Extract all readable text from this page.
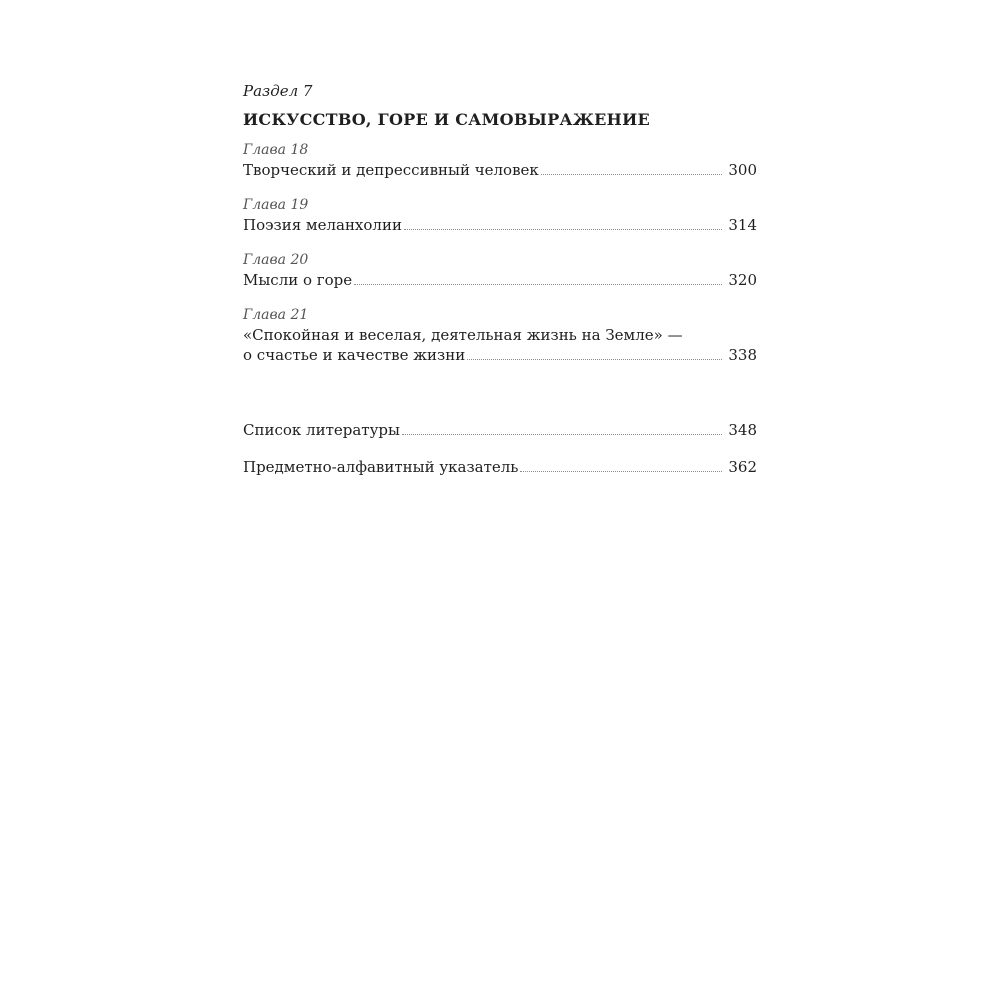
Раздел 7

ИСКУССТВО, ГОРЕ И САМОВЫРАЖЕНИЕ

Глава 18

Творческий и депрессивный человек	300

Глава 19

Поэзия меланхолии	314

Глава 20

Мысли о горе	320

Глава 21

«Спокойная и веселая, деятельная жизнь на Земле» —
о счастье и качестве жизни	338
Список литературы	348
Предметно-алфавитный указатель	362
